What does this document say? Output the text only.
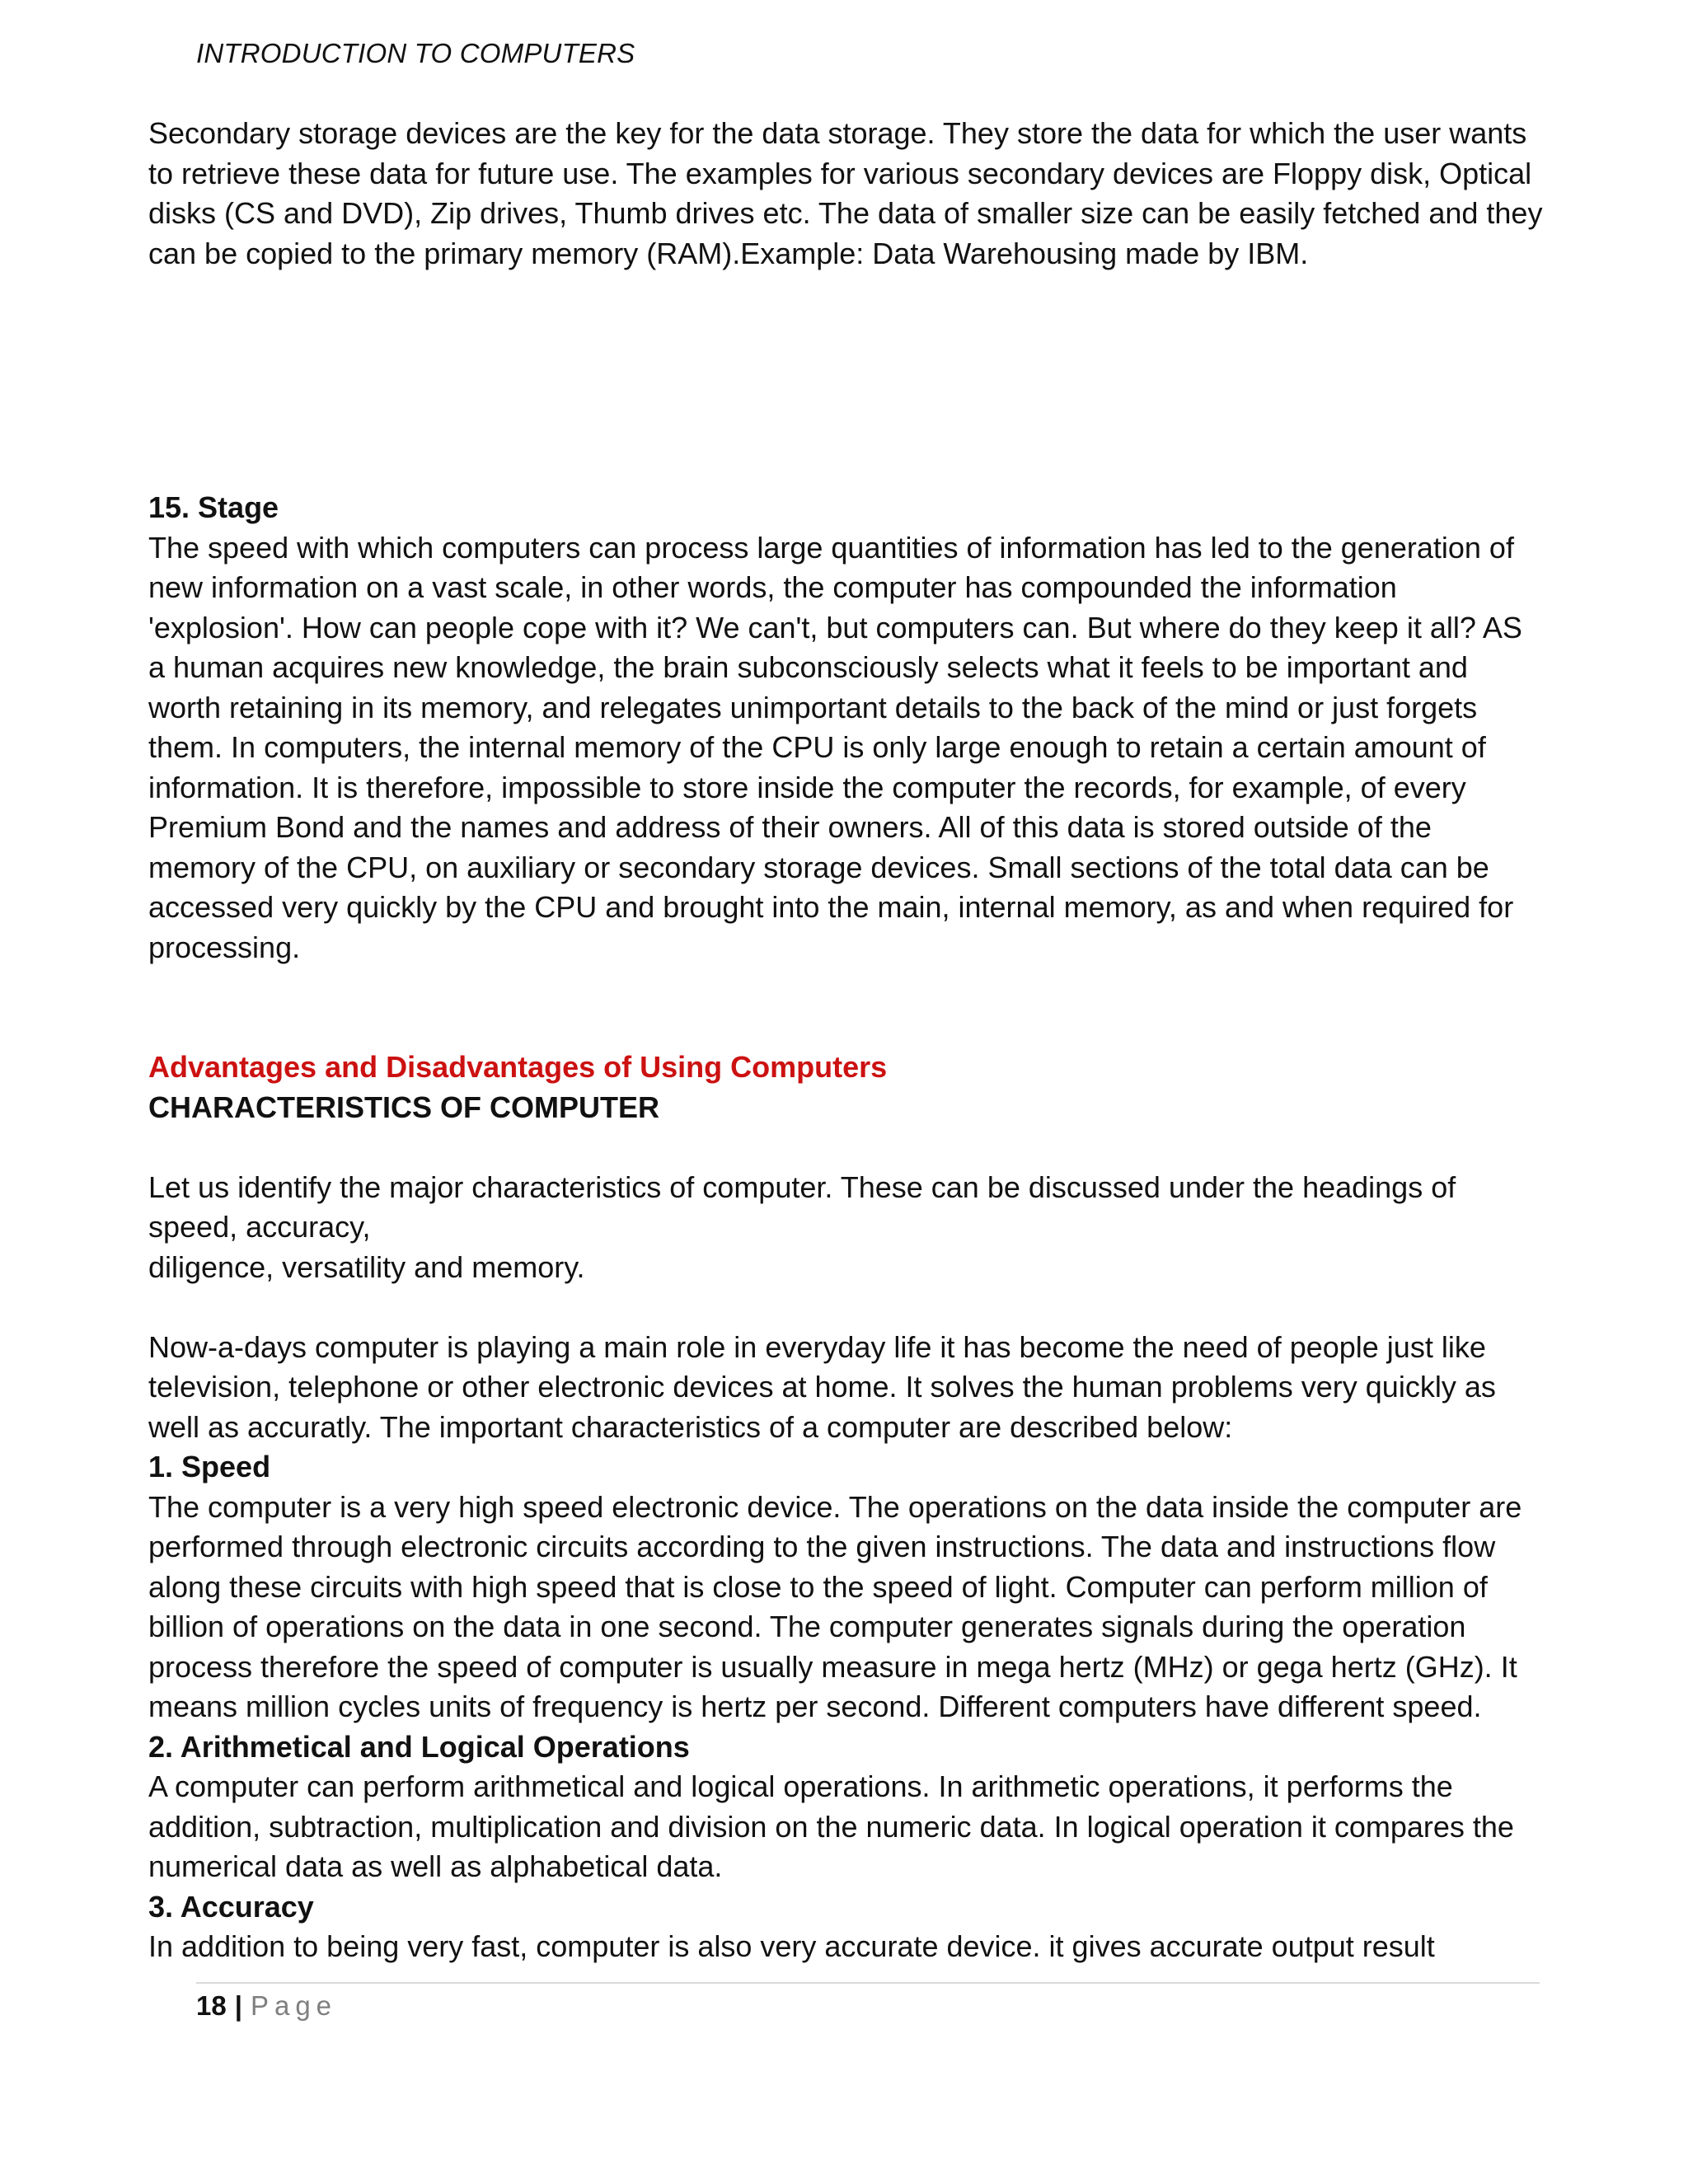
INTRODUCTION TO COMPUTERS

Secondary storage devices are the key for the data storage. They store the data for which the user wants
to retrieve these data for future use. The examples for various secondary devices are Floppy disk, Optical
disks (CS and DVD), Zip drives, Thumb drives etc. The data of smaller size can be easily fetched and they
can be copied to the primary memory (RAM).Example: Data Warehousing made by IBM.

15. Stage

The speed with which computers can process large quantities of information has led to the generation of
new information on a vast scale, in other words, the computer has compounded the information
'explosion'. How can people cope with it? We can't, but computers can. But where do they keep it all? AS
a human acquires new knowledge, the brain subconsciously selects what it feels to be important and
worth retaining in its memory, and relegates unimportant details to the back of the mind or just forgets
them. In computers, the internal memory of the CPU is only large enough to retain a certain amount of
information. It is therefore, impossible to store inside the computer the records, for example, of every
Premium Bond and the names and address of their owners. All of this data is stored outside of the
memory of the CPU, on auxiliary or secondary storage devices. Small sections of the total data can be
accessed very quickly by the CPU and brought into the main, internal memory, as and when required for
processing.

Advantages and Disadvantages of Using Computers

CHARACTERISTICS OF COMPUTER

Let us identify the major characteristics of computer. These can be discussed under the headings of
speed, accuracy,
diligence, versatility and memory.

Now-a-days computer is playing a main role in everyday life it has become the need of people just like
television, telephone or other electronic devices at home. It solves the human problems very quickly as
well as accuratly. The important characteristics of a computer are described below:

1. Speed

The computer is a very high speed electronic device. The operations on the data inside the computer are
performed through electronic circuits according to the given instructions. The data and instructions flow
along these circuits with high speed that is close to the speed of light. Computer can perform million of
billion of operations on the data in one second. The computer generates signals during the operation
process therefore the speed of computer is usually measure in mega hertz (MHz) or gega hertz (GHz). It
means million cycles units of frequency is hertz per second. Different computers have different speed.

2. Arithmetical and Logical Operations

A computer can perform arithmetical and logical operations. In arithmetic operations, it performs the
addition, subtraction, multiplication and division on the numeric data. In logical operation it compares the
numerical data as well as alphabetical data.

3. Accuracy

In addition to being very fast, computer is also very accurate device. it gives accurate output result

18 | Page
